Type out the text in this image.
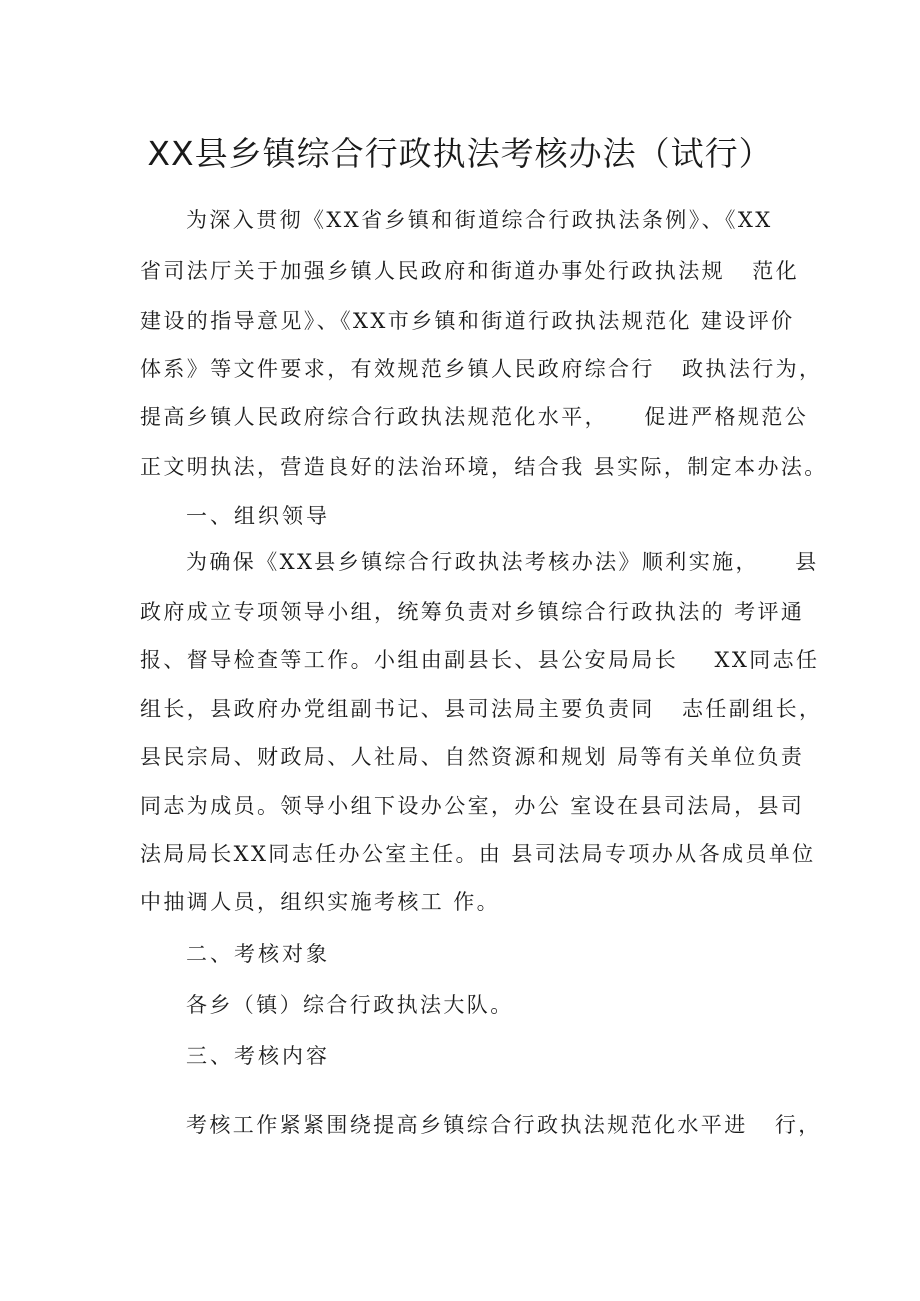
XX县乡镇综合行政执法考核办法（试行）
为深入贯彻《XX省乡镇和街道综合行政执法条例》、《XX
省司法厅关于加强乡镇人民政府和街道办事处行政执法规   范化
建设的指导意见》、《XX市乡镇和街道行政执法规范化 建设评价
体系》等文件要求，有效规范乡镇人民政府综合行   政执法行为，
提高乡镇人民政府综合行政执法规范化水平，    促进严格规范公
正文明执法，营造良好的法治环境，结合我 县实际，制定本办法。
一、组织领导
为确保《XX县乡镇综合行政执法考核办法》顺利实施，    县
政府成立专项领导小组，统筹负责对乡镇综合行政执法的 考评通
报、督导检查等工作。小组由副县长、县公安局局长    XX同志任
组长，县政府办党组副书记、县司法局主要负责同   志任副组长，
县民宗局、财政局、人社局、自然资源和规划 局等有关单位负责
同志为成员。领导小组下设办公室，办公 室设在县司法局，县司
法局局长XX同志任办公室主任。由 县司法局专项办从各成员单位
中抽调人员，组织实施考核工 作。
二、考核对象
各乡（镇）综合行政执法大队。
三、考核内容
考核工作紧紧围绕提高乡镇综合行政执法规范化水平进   行，
